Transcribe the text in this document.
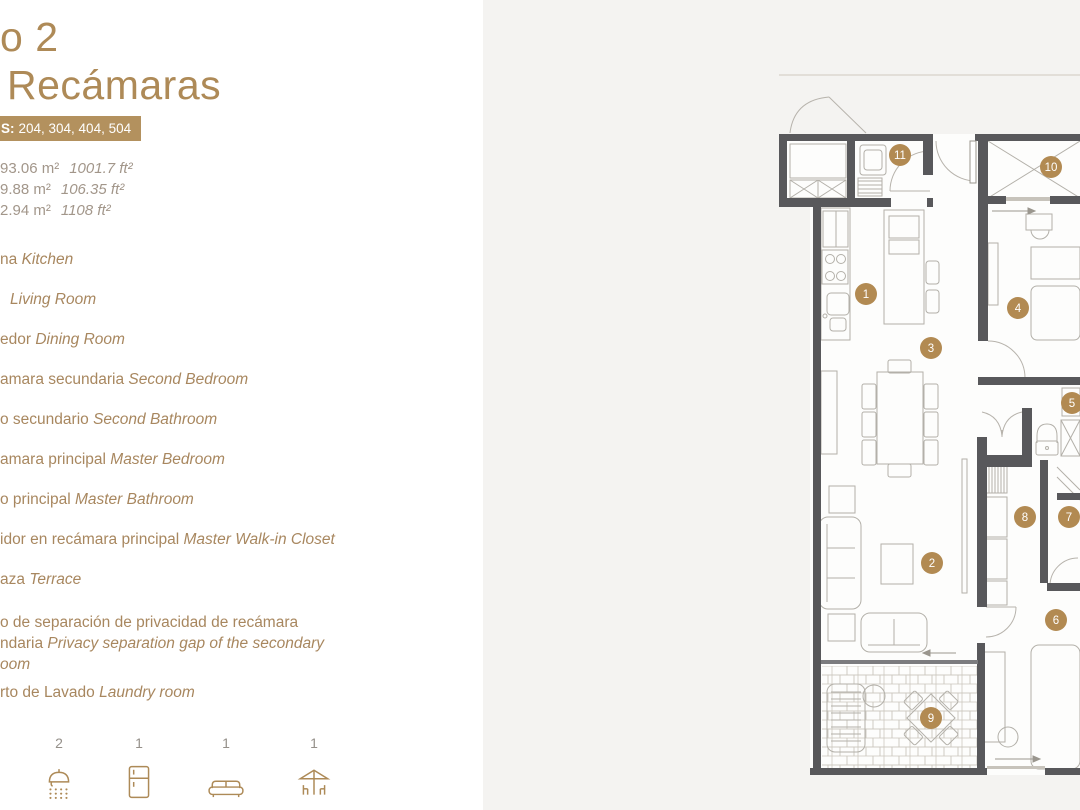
o 2
Recámaras
S: 204, 304, 404, 504
93.06 m² 1001.7 ft²
9.88 m² 106.35 ft²
2.94 m² 1108 ft²
na Kitchen
Living Room
edor Dining Room
amara secundaria Second Bedroom
o secundario Second Bathroom
amara principal Master Bedroom
o principal Master Bathroom
idor en recámara principal Master Walk-in Closet
aza Terrace
o de separación de privacidad de recámara
ndaria Privacy separation gap of the secondary
oom
rto de Lavado Laundry room
2	1	1	1
1
2
3
4
5
6
7
8
9
10
11
